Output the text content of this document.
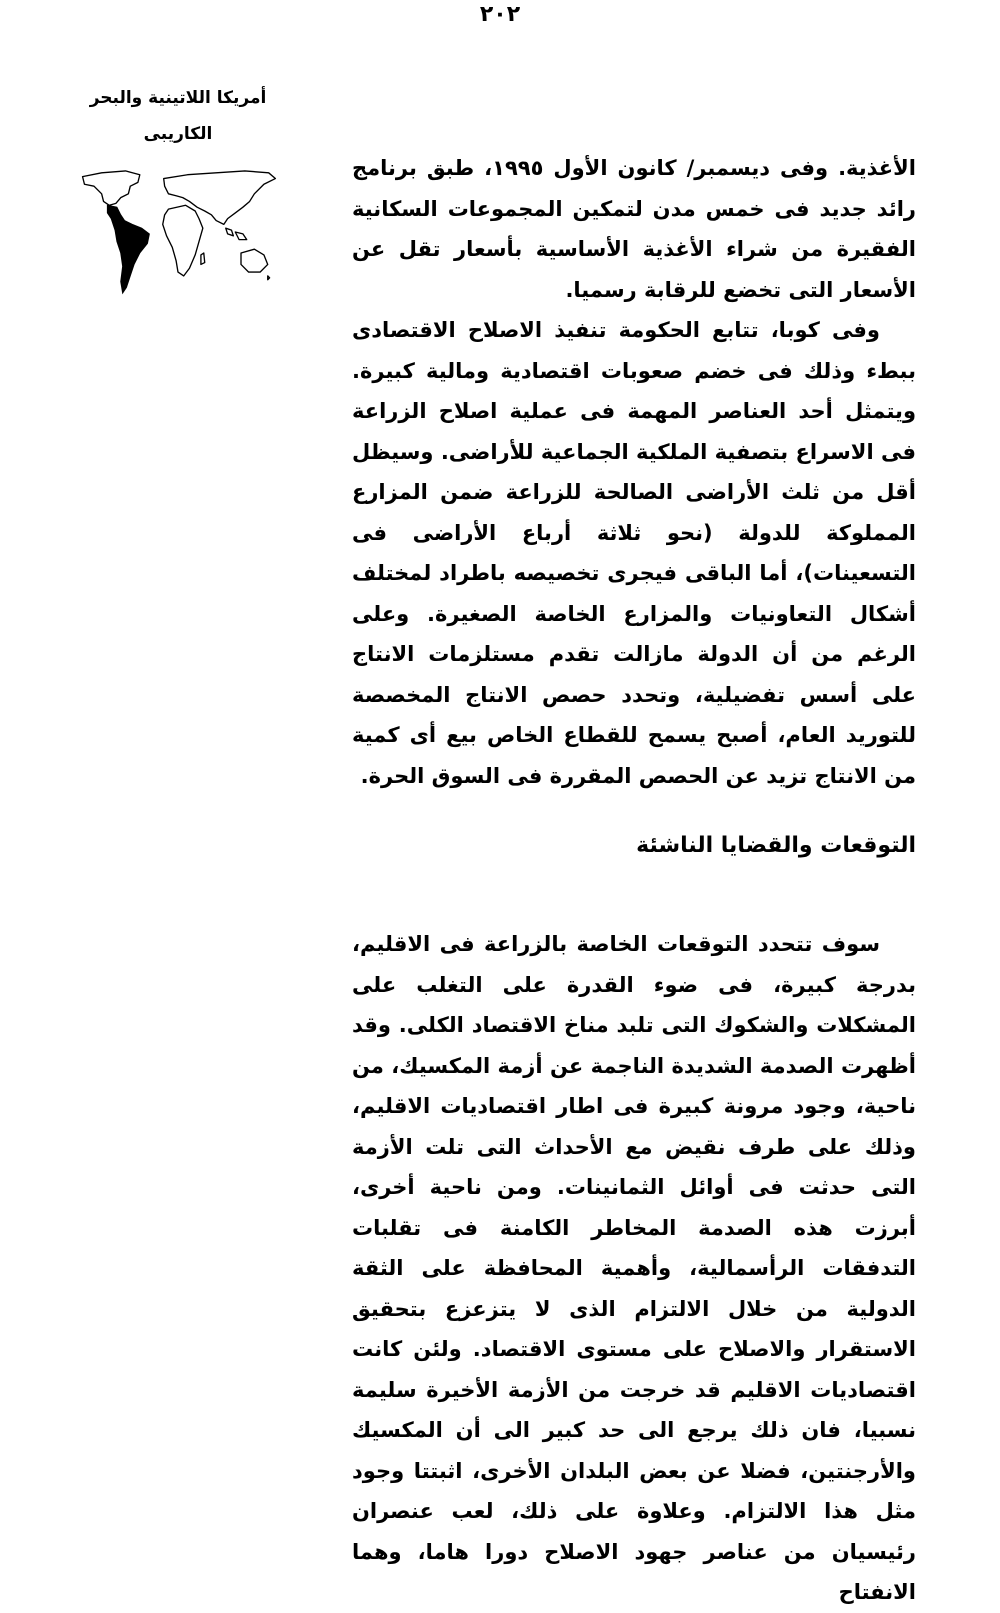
٢٠٢
أمريكا اللاتينية والبحر
الكاريبى

الأغذية. وفى ديسمبر/ كانون الأول ١٩٩٥، طبق برنامج رائد جديد فى خمس مدن لتمكين المجموعات السكانية الفقيرة من شراء الأغذية الأساسية بأسعار تقل عن الأسعار التى تخضع للرقابة رسميا.

وفى كوبا، تتابع الحكومة تنفيذ الاصلاح الاقتصادى ببطء وذلك فى خضم صعوبات اقتصادية ومالية كبيرة. ويتمثل أحد العناصر المهمة فى عملية اصلاح الزراعة فى الاسراع بتصفية الملكية الجماعية للأراضى. وسيظل أقل من ثلث الأراضى الصالحة للزراعة ضمن المزارع المملوكة للدولة (نحو ثلاثة أرباع الأراضى فى التسعينات)، أما الباقى فيجرى تخصيصه باطراد لمختلف أشكال التعاونيات والمزارع الخاصة الصغيرة. وعلى الرغم من أن الدولة مازالت تقدم مستلزمات الانتاج على أسس تفضيلية، وتحدد حصص الانتاج المخصصة للتوريد العام، أصبح يسمح للقطاع الخاص بيع أى كمية من الانتاج تزيد عن الحصص المقررة فى السوق الحرة.

التوقعات والقضايا الناشئة

سوف تتحدد التوقعات الخاصة بالزراعة فى الاقليم، بدرجة كبيرة، فى ضوء القدرة على التغلب على المشكلات والشكوك التى تلبد مناخ الاقتصاد الكلى. وقد أظهرت الصدمة الشديدة الناجمة عن أزمة المكسيك، من ناحية، وجود مرونة كبيرة فى اطار اقتصاديات الاقليم، وذلك على طرف نقيض مع الأحداث التى تلت الأزمة التى حدثت فى أوائل الثمانينات. ومن ناحية أخرى، أبرزت هذه الصدمة المخاطر الكامنة فى تقلبات التدفقات الرأسمالية، وأهمية المحافظة على الثقة الدولية من خلال الالتزام الذى لا يتزعزع بتحقيق الاستقرار والاصلاح على مستوى الاقتصاد. ولئن كانت اقتصاديات الاقليم قد خرجت من الأزمة الأخيرة سليمة نسبيا، فان ذلك يرجع الى حد كبير الى أن المكسيك والأرجنتين، فضلا عن بعض البلدان الأخرى، اثبتتا وجود مثل هذا الالتزام. وعلاوة على ذلك، لعب عنصران رئيسيان من عناصر جهود الاصلاح دورا هاما، وهما الانفتاح
